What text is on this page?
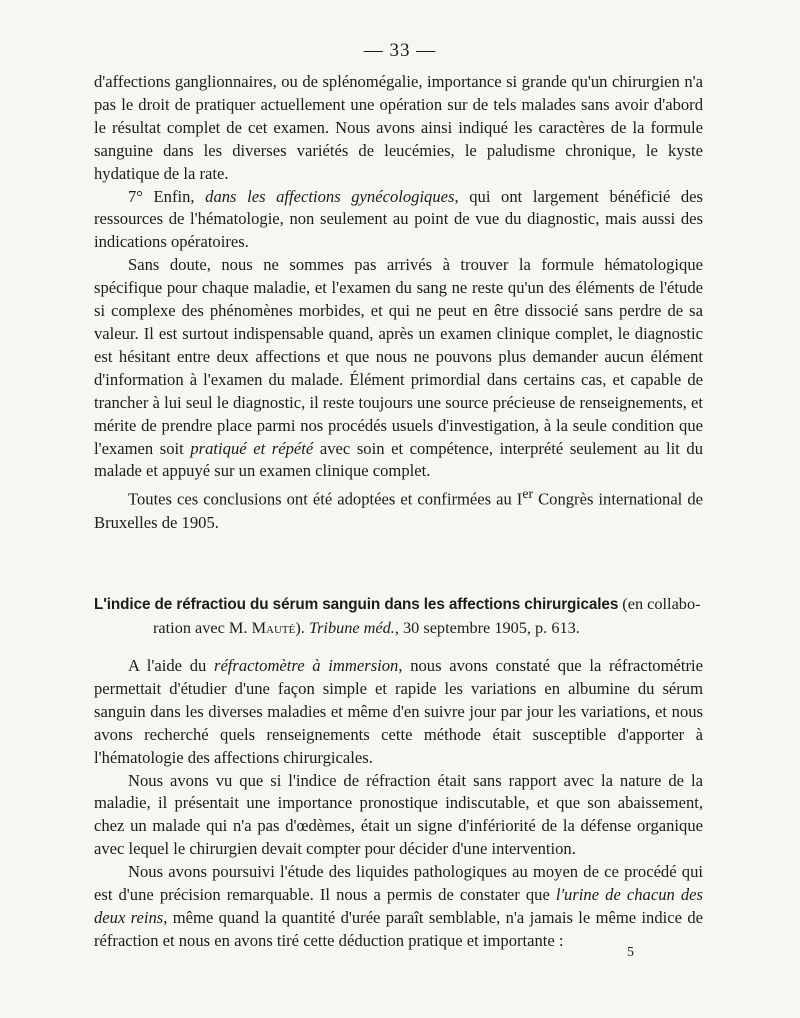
— 33 —

d'affections ganglionnaires, ou de splénomégalie, importance si grande qu'un chirurgien n'a pas le droit de pratiquer actuellement une opération sur de tels malades sans avoir d'abord le résultat complet de cet examen. Nous avons ainsi indiqué les caractères de la formule sanguine dans les diverses variétés de leucémies, le paludisme chronique, le kyste hydatique de la rate.

7° Enfin, dans les affections gynécologiques, qui ont largement bénéficié des ressources de l'hématologie, non seulement au point de vue du diagnostic, mais aussi des indications opératoires.

Sans doute, nous ne sommes pas arrivés à trouver la formule hématologique spécifique pour chaque maladie, et l'examen du sang ne reste qu'un des éléments de l'étude si complexe des phénomènes morbides, et qui ne peut en être dissocié sans perdre de sa valeur. Il est surtout indispensable quand, après un examen clinique complet, le diagnostic est hésitant entre deux affections et que nous ne pouvons plus demander aucun élément d'information à l'examen du malade. Élément primordial dans certains cas, et capable de trancher à lui seul le diagnostic, il reste toujours une source précieuse de renseignements, et mérite de prendre place parmi nos procédés usuels d'investigation, à la seule condition que l'examen soit pratiqué et répété avec soin et compétence, interprété seulement au lit du malade et appuyé sur un examen clinique complet.

Toutes ces conclusions ont été adoptées et confirmées au Ier Congrès international de Bruxelles de 1905.

L'indice de réfractiou du sérum sanguin dans les affections chirurgicales (en collabo-
ration avec M. Mauté). Tribune méd., 30 septembre 1905, p. 613.

A l'aide du réfractomètre à immersion, nous avons constaté que la réfractométrie permettait d'étudier d'une façon simple et rapide les variations en albumine du sérum sanguin dans les diverses maladies et même d'en suivre jour par jour les variations, et nous avons recherché quels renseignements cette méthode était susceptible d'apporter à l'hématologie des affections chirurgicales.

Nous avons vu que si l'indice de réfraction était sans rapport avec la nature de la maladie, il présentait une importance pronostique indiscutable, et que son abaissement, chez un malade qui n'a pas d'œdèmes, était un signe d'infériorité de la défense organique avec lequel le chirurgien devait compter pour décider d'une intervention.

Nous avons poursuivi l'étude des liquides pathologiques au moyen de ce procédé qui est d'une précision remarquable. Il nous a permis de constater que l'urine de chacun des deux reins, même quand la quantité d'urée paraît semblable, n'a jamais le même indice de réfraction et nous en avons tiré cette déduction pratique et importante :

5
